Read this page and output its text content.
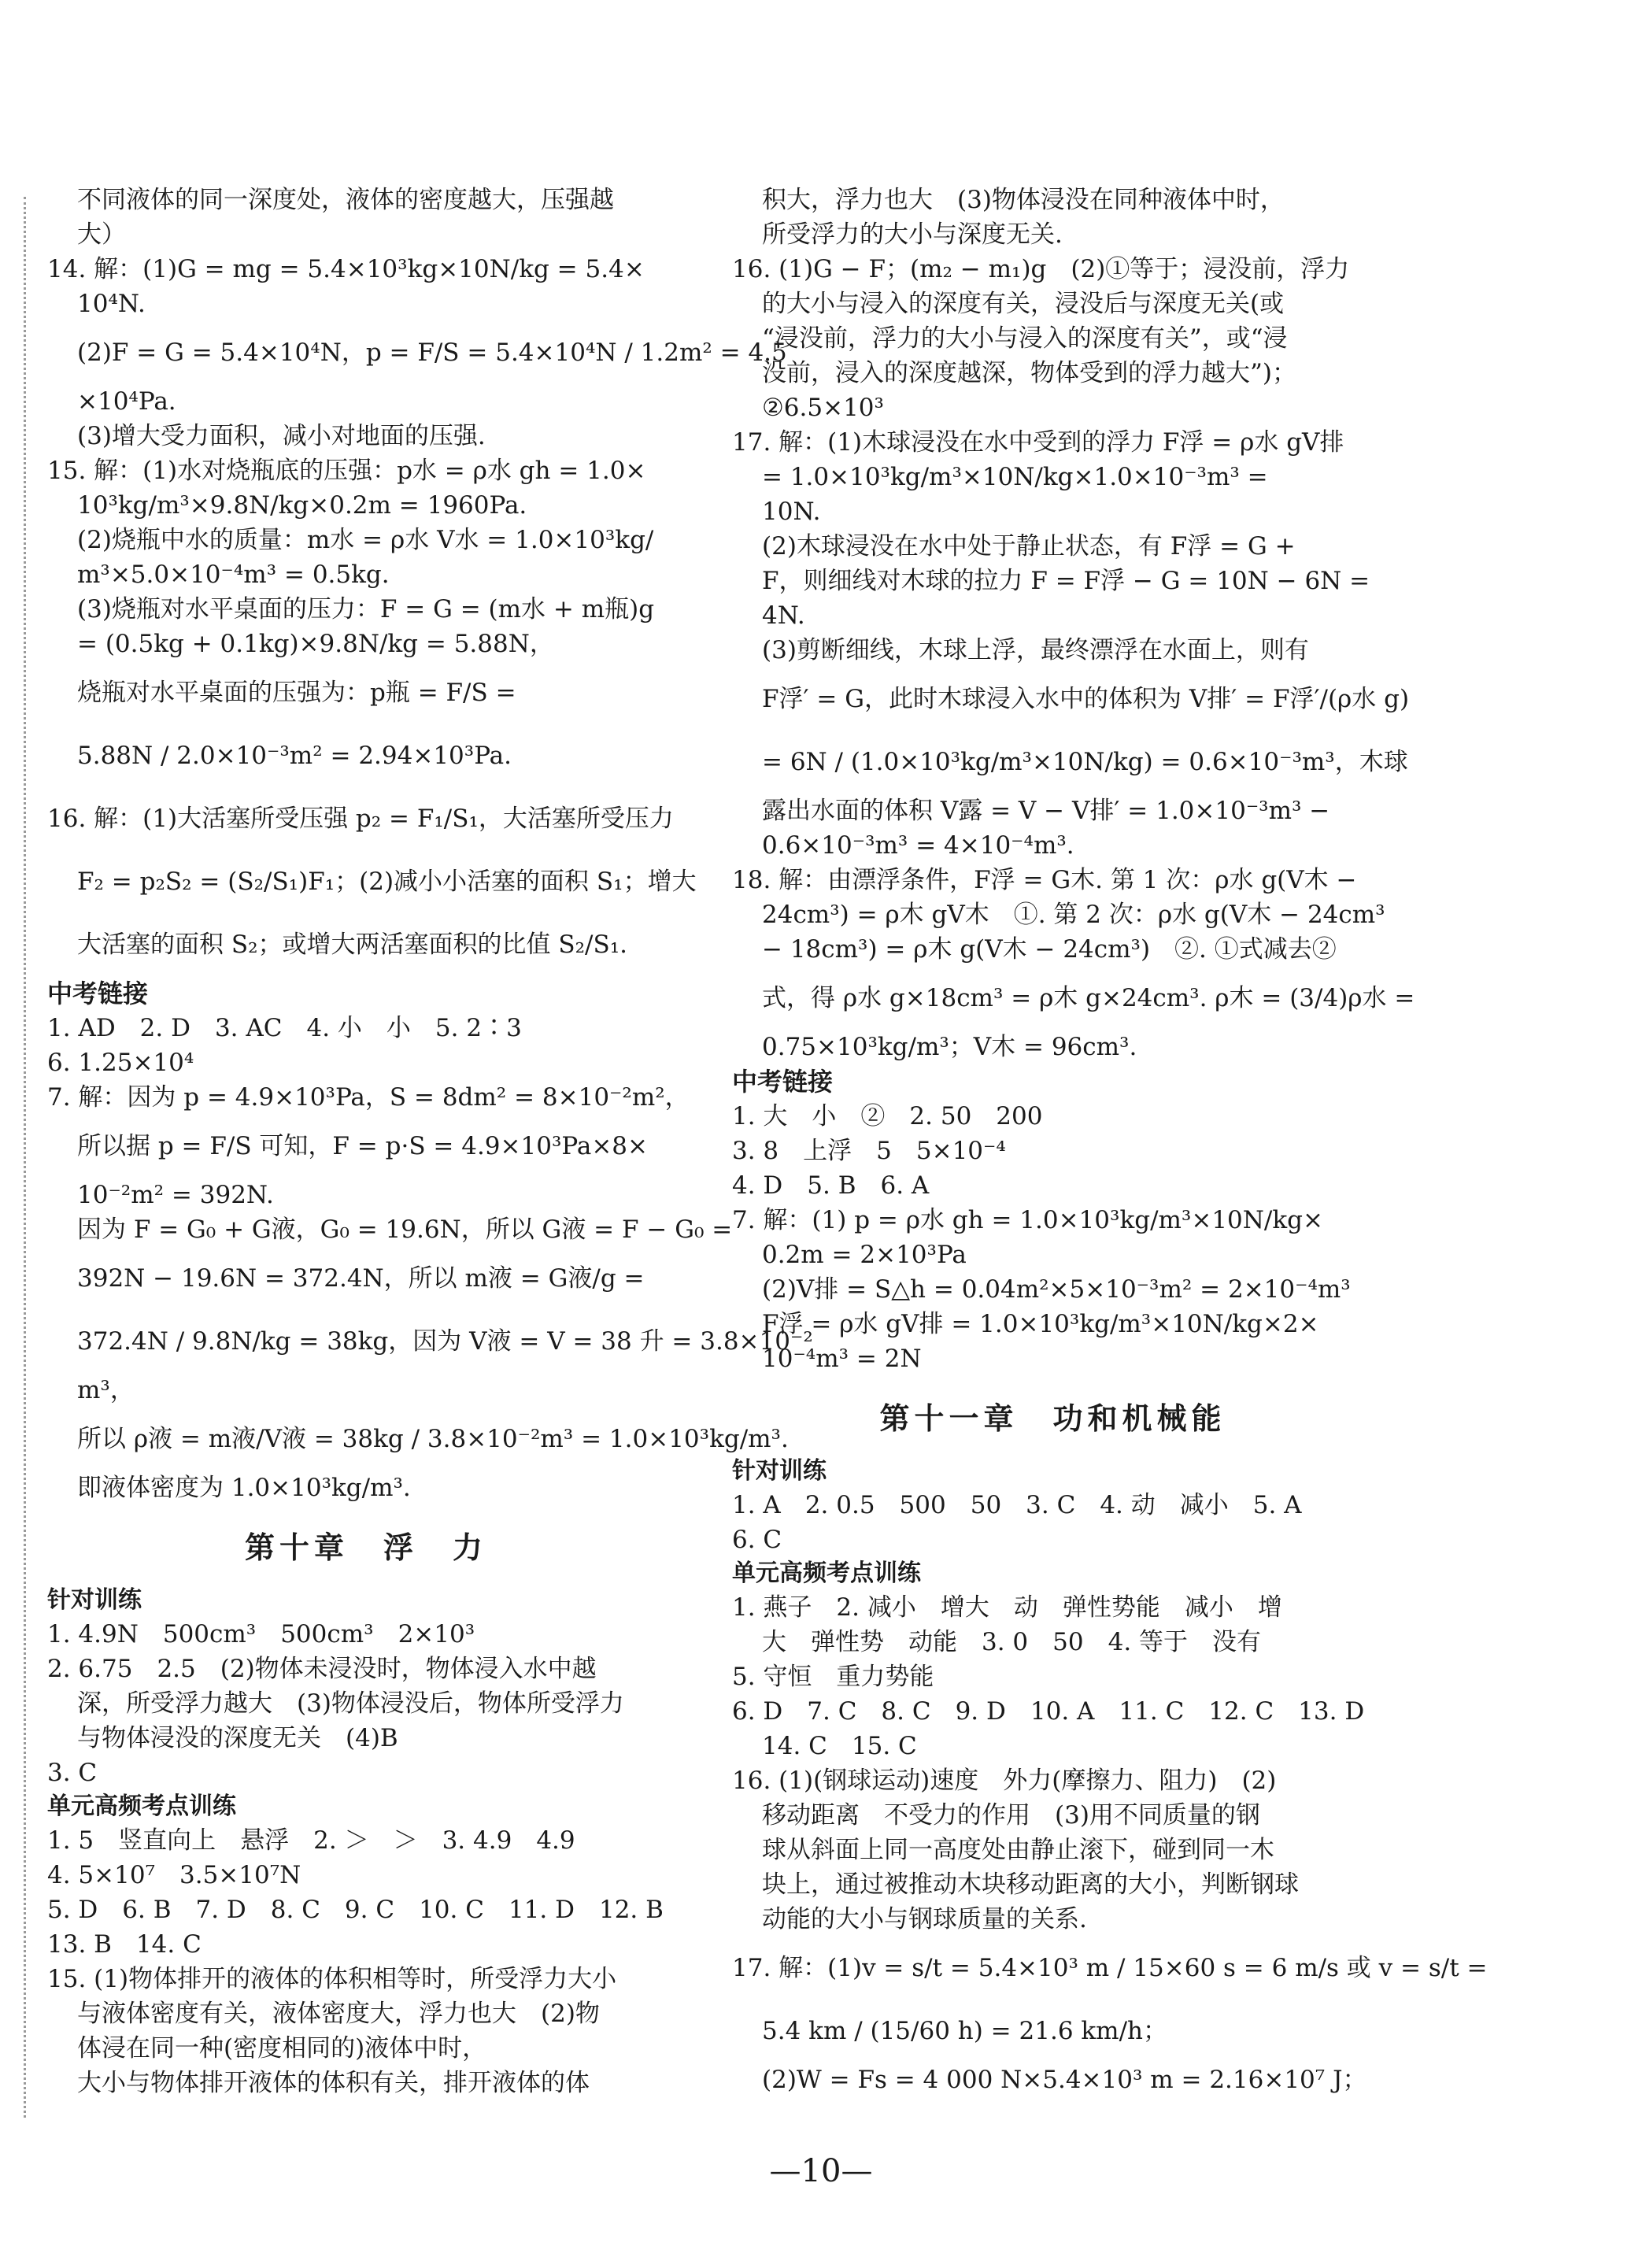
不同液体的同一深度处，液体的密度越大，压强越
大）
14. 解：(1)G = mg = 5.4×10³kg×10N/kg = 5.4×
10⁴N.
(2)F = G = 5.4×10⁴N，p = F/S = 5.4×10⁴N / 1.2m² = 4.5
×10⁴Pa.
(3)增大受力面积，减小对地面的压强.
15. 解：(1)水对烧瓶底的压强：p水 = ρ水 gh = 1.0×
10³kg/m³×9.8N/kg×0.2m = 1960Pa.
(2)烧瓶中水的质量：m水 = ρ水 V水 = 1.0×10³kg/
m³×5.0×10⁻⁴m³ = 0.5kg.
(3)烧瓶对水平桌面的压力：F = G = (m水 + m瓶)g
= (0.5kg + 0.1kg)×9.8N/kg = 5.88N，
烧瓶对水平桌面的压强为：p瓶 = F/S =
5.88N / 2.0×10⁻³m² = 2.94×10³Pa.
16. 解：(1)大活塞所受压强 p₂ = F₁/S₁，大活塞所受压力
F₂ = p₂S₂ = (S₂/S₁)F₁；(2)减小小活塞的面积 S₁；增大
大活塞的面积 S₂；或增大两活塞面积的比值 S₂/S₁.
中考链接
1. AD　2. D　3. AC　4. 小　小　5. 2∶3
6. 1.25×10⁴
7. 解：因为 p = 4.9×10³Pa，S = 8dm² = 8×10⁻²m²，
所以据 p = F/S 可知，F = p·S = 4.9×10³Pa×8×
10⁻²m² = 392N.
因为 F = G₀ + G液，G₀ = 19.6N，所以 G液 = F − G₀ =
392N − 19.6N = 372.4N，所以 m液 = G液/g =
372.4N / 9.8N/kg = 38kg，因为 V液 = V = 38 升 = 3.8×10⁻²
m³，
所以 ρ液 = m液/V液 = 38kg / 3.8×10⁻²m³ = 1.0×10³kg/m³.
即液体密度为 1.0×10³kg/m³.
第十章　浮　力
针对训练
1. 4.9N　500cm³　500cm³　2×10³
2. 6.75　2.5　(2)物体未浸没时，物体浸入水中越
深，所受浮力越大　(3)物体浸没后，物体所受浮力
与物体浸没的深度无关　(4)B
3. C
单元高频考点训练
1. 5　竖直向上　悬浮　2. ＞　＞　3. 4.9　4.9
4. 5×10⁷　3.5×10⁷N
5. D　6. B　7. D　8. C　9. C　10. C　11. D　12. B
13. B　14. C
15. (1)物体排开的液体的体积相等时，所受浮力大小
与液体密度有关，液体密度大，浮力也大　(2)物
体浸在同一种(密度相同的)液体中时，
大小与物体排开液体的体积有关，排开液体的体
积大，浮力也大　(3)物体浸没在同种液体中时，
所受浮力的大小与深度无关.
16. (1)G − F；(m₂ − m₁)g　(2)①等于；浸没前，浮力
的大小与浸入的深度有关，浸没后与深度无关(或
“浸没前，浮力的大小与浸入的深度有关”，或“浸
没前，浸入的深度越深，物体受到的浮力越大”)；
②6.5×10³
17. 解：(1)木球浸没在水中受到的浮力 F浮 = ρ水 gV排
= 1.0×10³kg/m³×10N/kg×1.0×10⁻³m³ =
10N.
(2)木球浸没在水中处于静止状态，有 F浮 = G +
F，则细线对木球的拉力 F = F浮 − G = 10N − 6N =
4N.
(3)剪断细线，木球上浮，最终漂浮在水面上，则有
F浮′ = G，此时木球浸入水中的体积为 V排′ = F浮′/(ρ水 g)
= 6N / (1.0×10³kg/m³×10N/kg) = 0.6×10⁻³m³，木球
露出水面的体积 V露 = V − V排′ = 1.0×10⁻³m³ −
0.6×10⁻³m³ = 4×10⁻⁴m³.
18. 解：由漂浮条件，F浮 = G木. 第 1 次：ρ水 g(V木 −
24cm³) = ρ木 gV木　①. 第 2 次：ρ水 g(V木 − 24cm³
− 18cm³) = ρ木 g(V木 − 24cm³)　②. ①式减去②
式，得 ρ水 g×18cm³ = ρ木 g×24cm³. ρ木 = (3/4)ρ水 =
0.75×10³kg/m³；V木 = 96cm³.
中考链接
1. 大　小　②　2. 50　200
3. 8　上浮　5　5×10⁻⁴
4. D　5. B　6. A
7. 解：(1) p = ρ水 gh = 1.0×10³kg/m³×10N/kg×
0.2m = 2×10³Pa
(2)V排 = S△h = 0.04m²×5×10⁻³m² = 2×10⁻⁴m³
F浮 = ρ水 gV排 = 1.0×10³kg/m³×10N/kg×2×
10⁻⁴m³ = 2N
第十一章　功和机械能
针对训练
1. A　2. 0.5　500　50　3. C　4. 动　减小　5. A
6. C
单元高频考点训练
1. 燕子　2. 减小　增大　动　弹性势能　减小　增
大　弹性势　动能　3. 0　50　4. 等于　没有
5. 守恒　重力势能
6. D　7. C　8. C　9. D　10. A　11. C　12. C　13. D
14. C　15. C
16. (1)(钢球运动)速度　外力(摩擦力、阻力)　(2)
移动距离　不受力的作用　(3)用不同质量的钢
球从斜面上同一高度处由静止滚下，碰到同一木
块上，通过被推动木块移动距离的大小，判断钢球
动能的大小与钢球质量的关系.
17. 解：(1)v = s/t = 5.4×10³ m / 15×60 s = 6 m/s 或 v = s/t =
5.4 km / (15/60 h) = 21.6 km/h；
(2)W = Fs = 4 000 N×5.4×10³ m = 2.16×10⁷ J；
—10—
